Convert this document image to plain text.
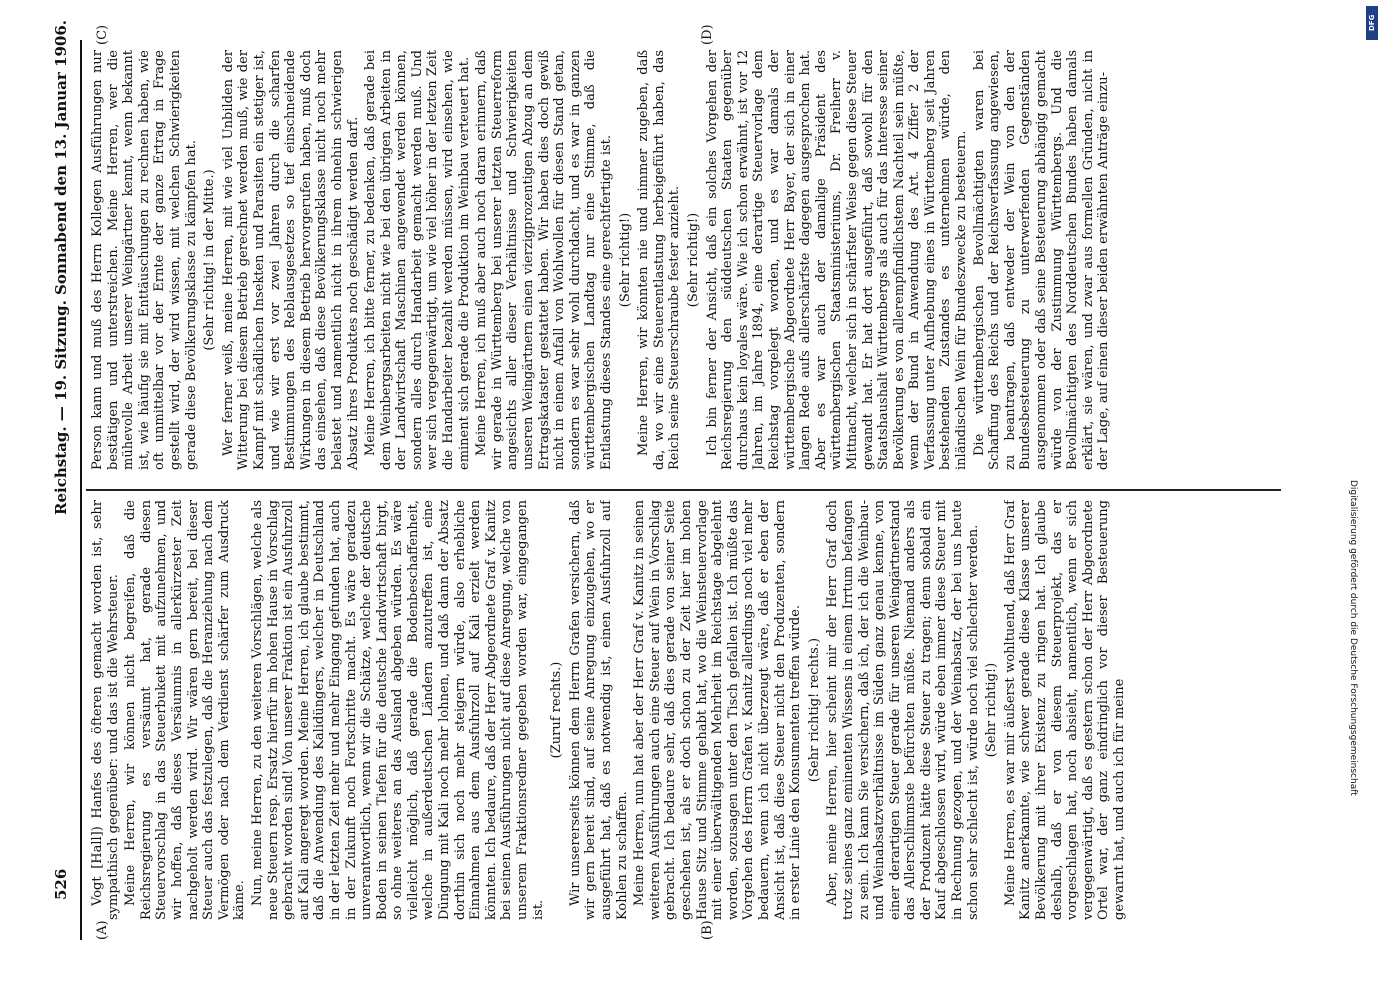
526
Reichstag. — 19. Sitzung. Sonnabend den 13. Januar 1906.
(A)	(B)
(C)	(D)

Vogt [Hall]) Hanfes des öfteren gemacht worden ist, sehr sympathisch gegenüber: und das ist die Wehrsteuer. Meine Herren, wir können nicht begreifen, daß die Reichsregierung es versäumt hat, gerade diesen Steuervorschlag in das Steuerbukett mit aufzunehmen, und wir hoffen, daß dieses Versäumnis in allerkürzester Zeit nachgeholt werden wird. Wir wären gern bereit, bei dieser Steuer auch das festzulegen, daß die Heranziehung nach dem Vermögen oder nach dem Verdienst schärfer zum Ausdruck käme. Nun, meine Herren, zu den weiteren Vorschlägen, welche als neue Steuern resp. Ersatz hierfür im hohen Hause in Vorschlag gebracht worden sind! Von unserer Fraktion ist ein Ausfuhrzoll auf Kali angeregt worden. Meine Herren, ich glaube bestimmt, daß die Anwendung des Kalidüngers, welcher in Deutschland in der letzten Zeit mehr und mehr Eingang gefunden hat, auch in der Zukunft noch Fortschritte macht. Es wäre geradezu unverantwortlich, wenn wir die Schätze, welche der deutsche Boden in seinen Tiefen für die deutsche Landwirtschaft birgt, so ohne weiteres an das Ausland abgeben würden. Es wäre vielleicht möglich, daß gerade die Bodenbeschaffenheit, welche in außerdeutschen Ländern anzutreffen ist, eine Düngung mit Kali noch mehr lohnen, und daß dann der Absatz dorthin sich noch mehr steigern würde, also erhebliche Einnahmen aus dem Ausfuhrzoll auf Kali erzielt werden könnten. Ich bedaure, daß der Herr Abgeordnete Graf v. Kanitz bei seinen Ausführungen nicht auf diese Anregung, welche von unserem Fraktionsredner gegeben worden war, eingegangen ist.

(Zuruf rechts.) Wir unsererseits können dem Herrn Grafen versichern, daß wir gern bereit sind, auf seine Anregung einzugehen, wo er ausgeführt hat, daß es notwendig ist, einen Ausfuhrzoll auf Kohlen zu schaffen. Meine Herren, nun hat aber der Herr Graf v. Kanitz in seinen weiteren Ausführungen auch eine Steuer auf Wein in Vorschlag gebracht. Ich bedaure sehr, daß dies gerade von seiner Seite geschehen ist, als er doch schon zu der Zeit hier im hohen Hause Sitz und Stimme gehabt hat, wo die Weinsteuervorlage mit einer überwältigenden Mehrheit im Reichstage abgelehnt worden, sozusagen unter den Tisch gefallen ist. Ich müßte das Vorgehen des Herrn Grafen v. Kanitz allerdings noch viel mehr bedauern, wenn ich nicht überzeugt wäre, daß er eben der Ansicht ist, daß diese Steuer nicht den Produzenten, sondern in erster Linie den Konsumenten treffen würde. (Sehr richtig! rechts.) Aber, meine Herren, hier scheint mir der Herr Graf doch trotz seines ganz eminenten Wissens in einem Irrtum befangen zu sein. Ich kann Sie versichern, daß ich, der ich die Weinbau- und Weinabsatzverhältnisse im Süden ganz genau kenne, von einer derartigen Steuer gerade für unseren Weingärtnerstand das Allerschlimmste befürchten müßte. Niemand anders als der Produzent hätte diese Steuer zu tragen; denn sobald ein Kauf abgeschlossen wird, würde eben immer diese Steuer mit in Rechnung gezogen, und der Weinabsatz, der bei uns heute schon sehr schlecht ist, würde noch viel schlechter werden. (Sehr richtig!) Meine Herren, es war mir äußerst wohltuend, daß Herr Graf Kanitz anerkannte, wie schwer gerade diese Klasse unserer Bevölkerung mit ihrer Existenz zu ringen hat. Ich glaube deshalb, daß er von diesem Steuerprojekt, das er vorgeschlagen hat, noch absieht, namentlich, wenn er sich vergegenwärtigt, daß es gestern schon der Herr Abgeordnete Ortel war, der ganz eindringlich vor dieser Besteuerung gewarnt hat, und auch ich für meine

Person kann und muß des Herrn Kollegen Ausführungen nur bestätigen und unterstreichen. Meine Herren, wer die mühevolle Arbeit unserer Weingärtner kennt, wenn bekannt ist, wie häufig sie mit Enttäuschungen zu rechnen haben, wie oft unmittelbar vor der Ernte der ganze Ertrag in Frage gestellt wird, der wird wissen, mit welchen Schwierigkeiten gerade diese Bevölkerungsklasse zu kämpfen hat. (Sehr richtig! in der Mitte.) Wer ferner weiß, meine Herren, mit wie viel Unbilden der Witterung bei diesem Betrieb gerechnet werden muß, wie der Kampf mit schädlichen Insekten und Parasiten ein stetiger ist, und wie wir erst vor zwei Jahren durch die scharfen Bestimmungen des Reblausgesetzes so tief einschneidende Wirkungen in diesem Betrieb hervorgerufen haben, muß doch das einsehen, daß diese Bevölkerungsklasse nicht noch mehr belastet und namentlich nicht in ihrem ohnehin schwierigen Absatz ihres Produktes noch geschädigt werden darf. Meine Herren, ich bitte ferner, zu bedenken, daß gerade bei dem Weinbergsarbeiten nicht wie bei den übrigen Arbeiten in der Landwirtschaft Maschinen angewendet werden können, sondern alles durch Handarbeit gemacht werden muß. Und wer sich vergegenwärtigt, um wie viel höher in der letzten Zeit die Handarbeiter bezahlt werden müssen, wird einsehen, wie eminent sich gerade die Produktion im Weinbau verteuert hat. Meine Herren, ich muß aber auch noch daran erinnern, daß wir gerade in Württemberg bei unserer letzten Steuerreform angesichts aller dieser Verhältnisse und Schwierigkeiten unseren Weingärtnern einen vierzigprozentigen Abzug an dem Ertragskataster gestattet haben. Wir haben dies doch gewiß nicht in einem Anfall von Wohlwollen für diesen Stand getan, sondern es war sehr wohl durchdacht, und es war in ganzen württembergischen Landtag nur eine Stimme, daß die Entlastung dieses Standes eine gerechtfertigte ist. (Sehr richtig!) Meine Herren, wir könnten nie und nimmer zugeben, daß da, wo wir eine Steuerentlastung herbeigeführt haben, das Reich seine Steuerschraube fester anzieht. (Sehr richtig!) Ich bin ferner der Ansicht, daß ein solches Vorgehen der Reichsregierung den süddeutschen Staaten gegenüber durchaus kein loyales wäre. Wie ich schon erwähnt, ist vor 12 Jahren, im Jahre 1894, eine derartige Steuervorlage dem Reichstag vorgelegt worden, und es war damals der württembergische Abgeordnete Herr Bayer, der sich in einer langen Rede aufs allerschärfste dagegen ausgesprochen hat. Aber es war auch der damalige Präsident des württembergischen Staatsministeriums, Dr. Freiherr v. Mittnacht, welcher sich in schärfster Weise gegen diese Steuer gewandt hat. Er hat dort ausgeführt, daß sowohl für den Staatshaushalt Württembergs als auch für das Interesse seiner Bevölkerung es von allerempfindlichstem Nachteil sein müßte, wenn der Bund in Anwendung des Art. 4 Ziffer 2 der Verfassung unter Aufhebung eines in Württemberg seit Jahren bestehenden Zustandes es unternehmen würde, den inländischen Wein für Bundeszwecke zu besteuern. Die württembergischen Bevollmächtigten waren bei Schaffung des Reichs und der Reichsverfassung angewiesen, zu beantragen, daß entweder der Wein von den der Bundesbesteuerung zu unterwerfenden Gegenständen ausgenommen oder daß seine Besteuerung abhängig gemacht würde von der Zustimmung Württembergs. Und die Bevollmächtigten des Norddeutschen Bundes haben damals erklärt, sie wären, und zwar aus formellen Gründen, nicht in der Lage, auf einen dieser beiden erwähnten Anträge einzu-

DFG
Digitalisierung gefördert durch die Deutsche Forschungsgemeinschaft
